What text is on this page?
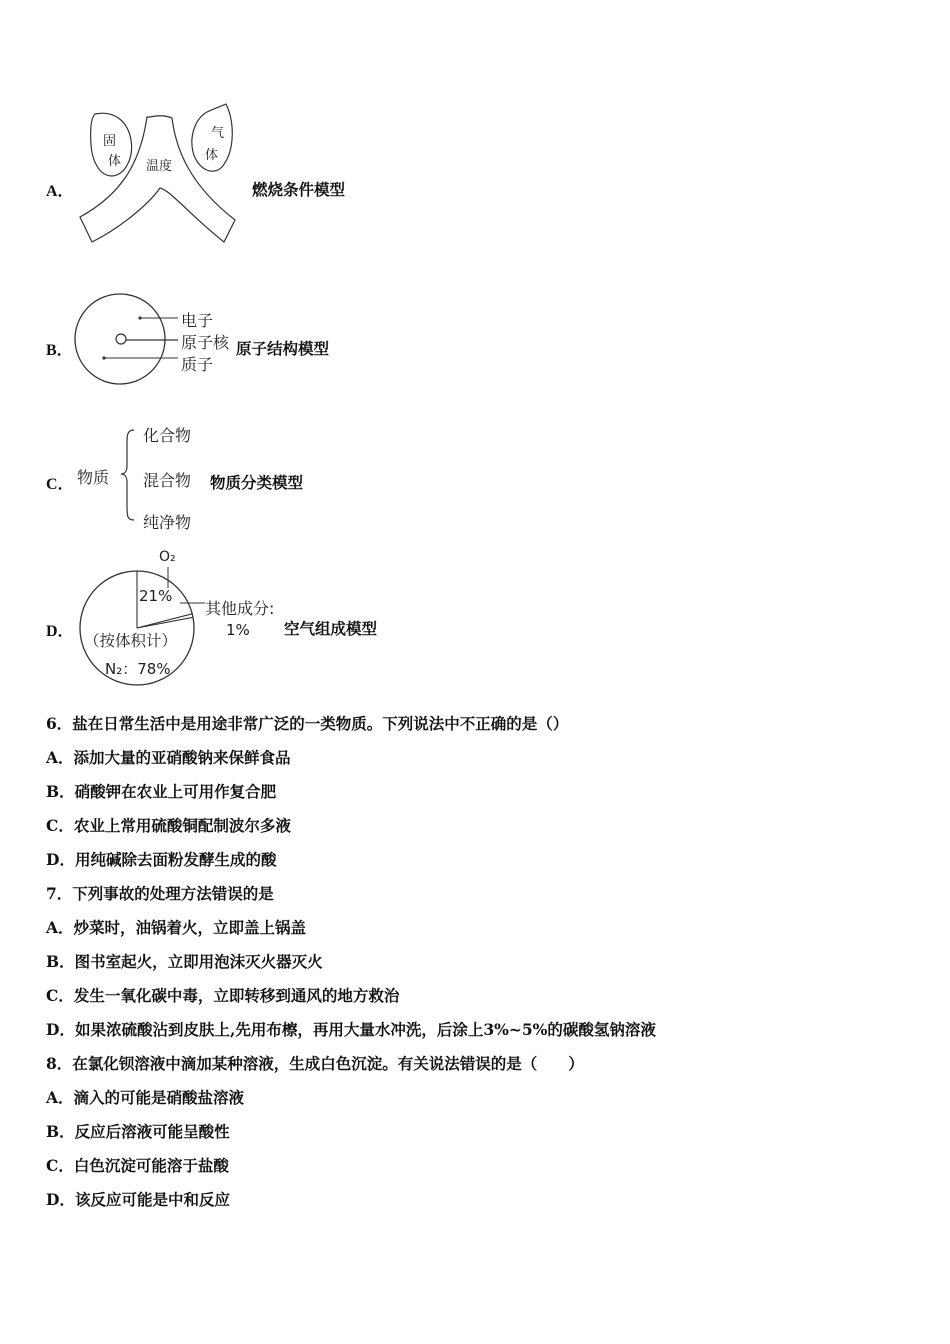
A．
固
体
气
体
温度
燃烧条件模型
B．
电子
原子核
质子
原子结构模型
C． 物质
化合物
混合物
纯净物
物质分类模型
D．
O₂
21%
其他成分:
1%
（按体积计）
N₂：78%
空气组成模型
6．盐在日常生活中是用途非常广泛的一类物质。下列说法中不正确的是（）
A．添加大量的亚硝酸钠来保鲜食品
B．硝酸钾在农业上可用作复合肥
C．农业上常用硫酸铜配制波尔多液
D．用纯碱除去面粉发酵生成的酸
7．下列事故的处理方法错误的是
A．炒菜时，油锅着火，立即盖上锅盖
B．图书室起火，立即用泡沫灭火器灭火
C．发生一氧化碳中毒，立即转移到通风的地方救治
D．如果浓硫酸沾到皮肤上,先用布檫，再用大量水冲洗，后涂上3%~5%的碳酸氢钠溶液
8．在氯化钡溶液中滴加某种溶液，生成白色沉淀。有关说法错误的是（　　）
A．滴入的可能是硝酸盐溶液
B．反应后溶液可能呈酸性
C．白色沉淀可能溶于盐酸
D．该反应可能是中和反应
